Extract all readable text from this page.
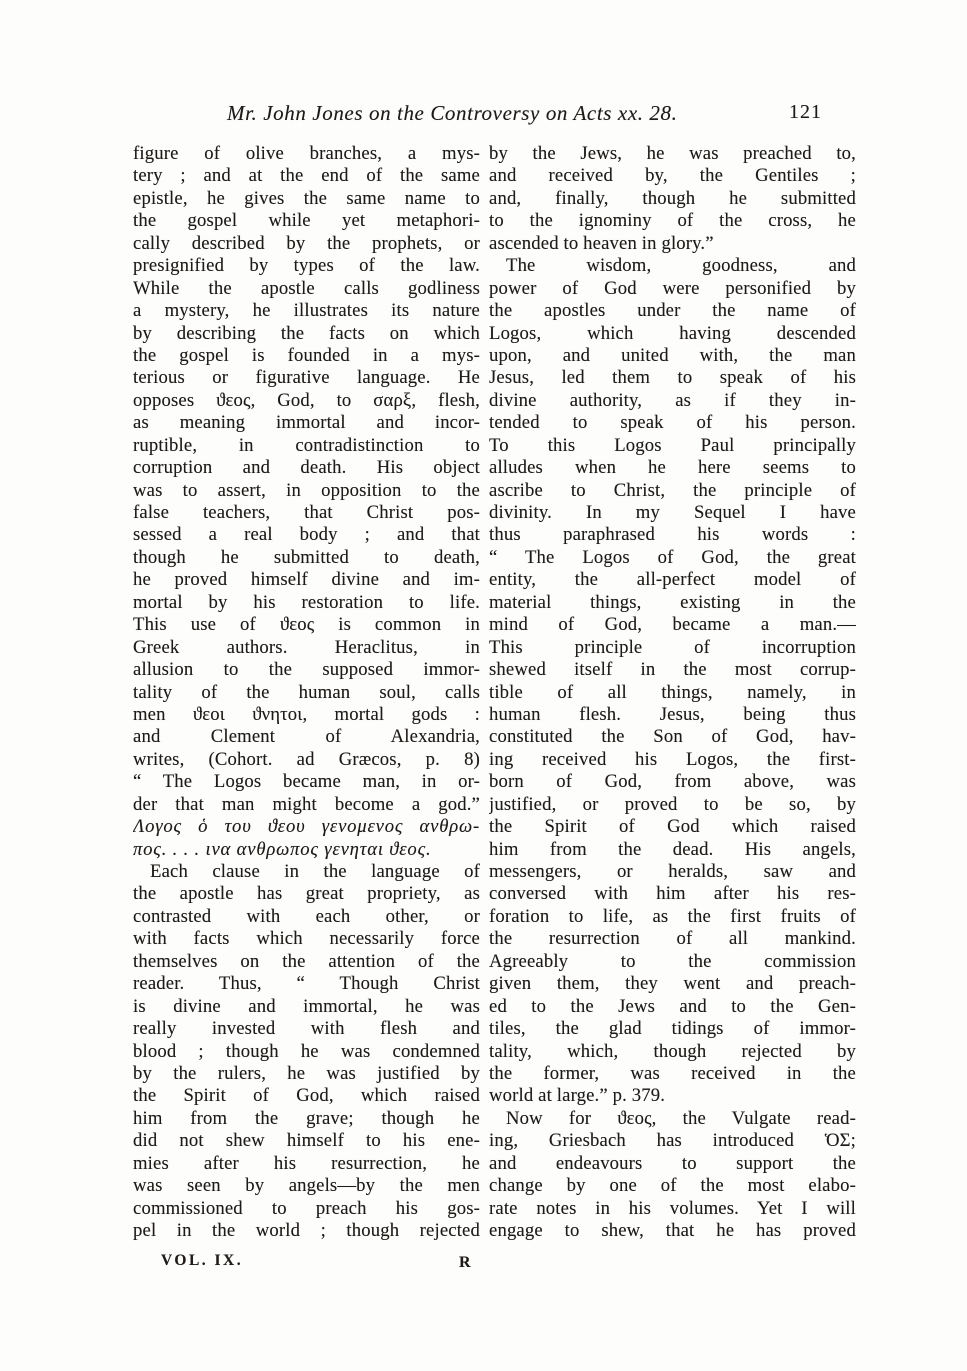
Mr. John Jones on the Controversy on Acts xx. 28.	121
figure of olive branches, a mys-
tery ; and at the end of the same
epistle, he gives the same name to
the gospel while yet metaphori-
cally described by the prophets, or
presignified by types of the law.
While the apostle calls godliness
a mystery, he illustrates its nature
by describing the facts on which
the gospel is founded in a mys-
terious or figurative language. He
opposes ϑεος, God, to σαρξ, flesh,
as meaning immortal and incor-
ruptible, in contradistinction to
corruption and death. His object
was to assert, in opposition to the
false teachers, that Christ pos-
sessed a real body ; and that
though he submitted to death,
he proved himself divine and im-
mortal by his restoration to life.
This use of ϑεος is common in
Greek authors. Heraclitus, in
allusion to the supposed immor-
tality of the human soul, calls
men ϑεοι ϑνητοι, mortal gods :
and Clement of Alexandria,
writes, (Cohort. ad Græcos, p. 8)
“ The Logos became man, in or-
der that man might become a god.”
Λογος ὁ του ϑεου γενομενος ανθρω-
πος. . . . ινα ανθρωπος γενηται ϑεος.
Each clause in the language of
the apostle has great propriety, as
contrasted with each other, or
with facts which necessarily force
themselves on the attention of the
reader. Thus, “ Though Christ
is divine and immortal, he was
really invested with flesh and
blood ; though he was condemned
by the rulers, he was justified by
the Spirit of God, which raised
him from the grave; though he
did not shew himself to his ene-
mies after his resurrection, he
was seen by angels—by the men
commissioned to preach his gos-
pel in the world ; though rejected
by the Jews, he was preached to,
and received by, the Gentiles ;
and, finally, though he submitted
to the ignominy of the cross, he
ascended to heaven in glory.”
The wisdom, goodness, and
power of God were personified by
the apostles under the name of
Logos, which having descended
upon, and united with, the man
Jesus, led them to speak of his
divine authority, as if they in-
tended to speak of his person.
To this Logos Paul principally
alludes when he here seems to
ascribe to Christ, the principle of
divinity. In my Sequel I have
thus paraphrased his words :
“ The Logos of God, the great
entity, the all-perfect model of
material things, existing in the
mind of God, became a man.—
This principle of incorruption
shewed itself in the most corrup-
tible of all things, namely, in
human flesh. Jesus, being thus
constituted the Son of God, hav-
ing received his Logos, the first-
born of God, from above, was
justified, or proved to be so, by
the Spirit of God which raised
him from the dead. His angels,
messengers, or heralds, saw and
conversed with him after his res-
foration to life, as the first fruits of
the resurrection of all mankind.
Agreeably to the commission
given them, they went and preach-
ed to the Jews and to the Gen-
tiles, the glad tidings of immor-
tality, which, though rejected by
the former, was received in the
world at large.” p. 379.
Now for ϑεος, the Vulgate read-
ing, Griesbach has introduced ὉΣ;
and endeavours to support the
change by one of the most elabo-
rate notes in his volumes. Yet I will
engage to shew, that he has proved
VOL. IX.	R
